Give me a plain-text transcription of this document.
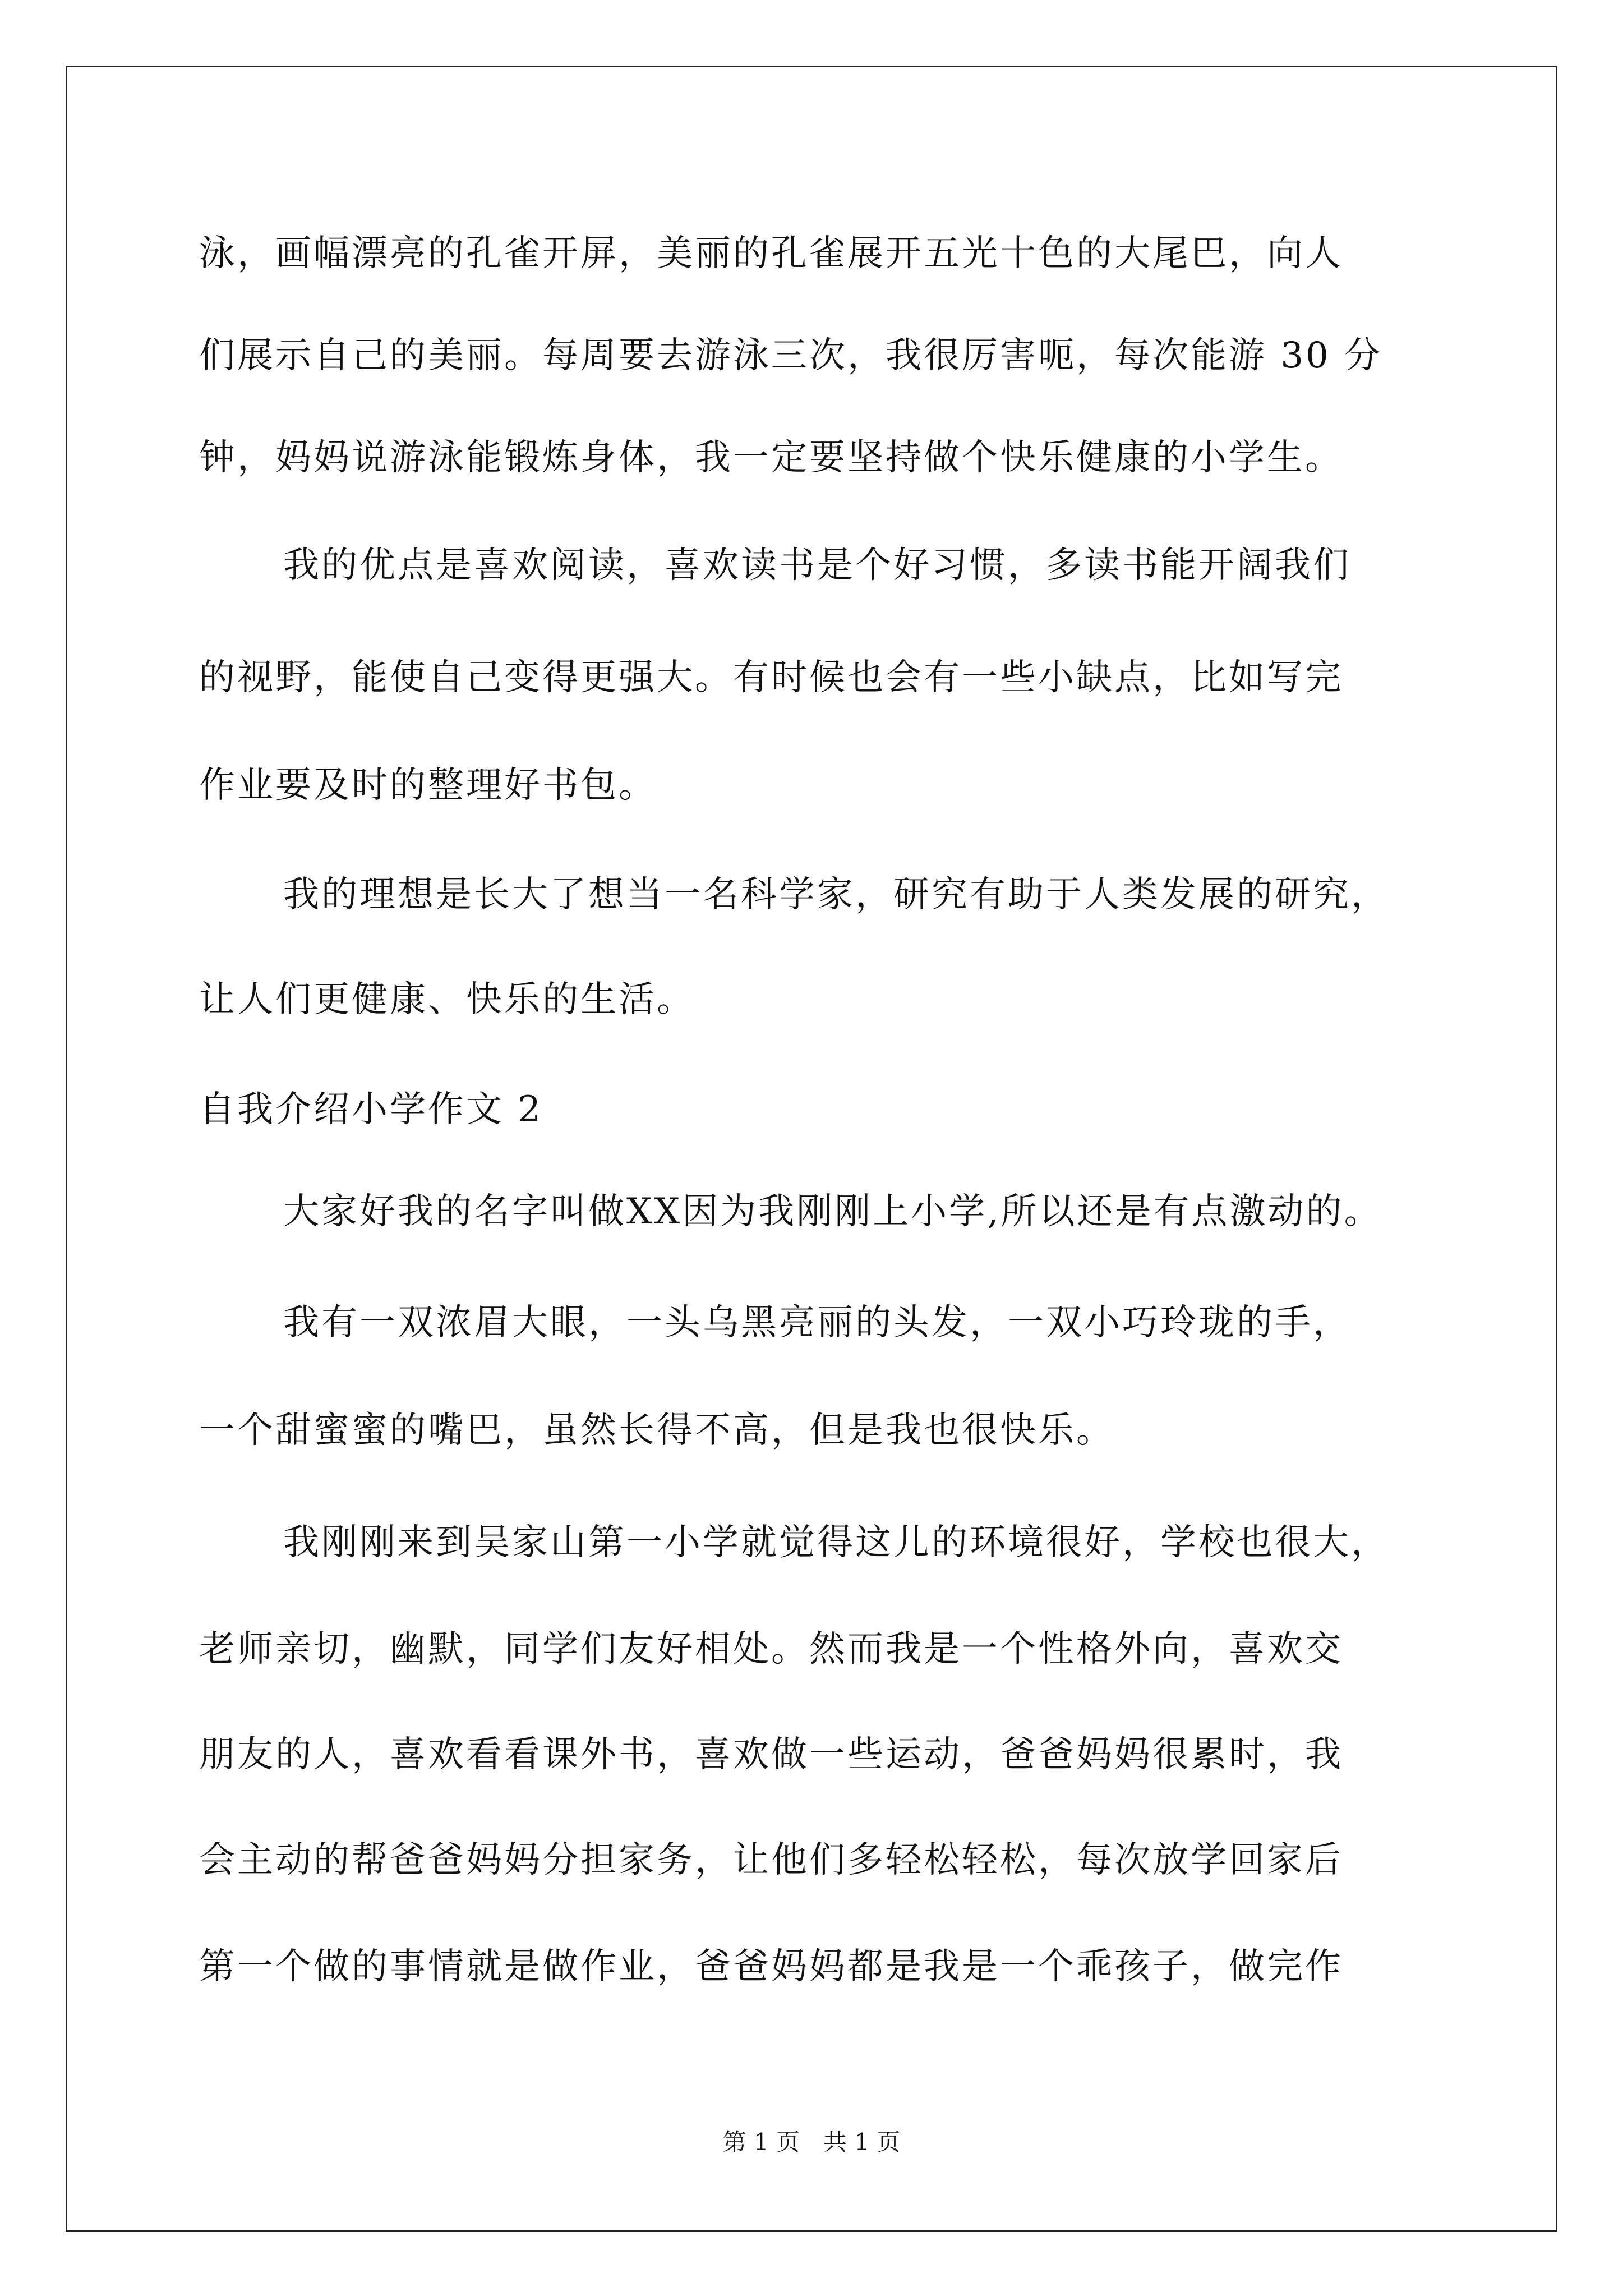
泳，画幅漂亮的孔雀开屏，美丽的孔雀展开五光十色的大尾巴，向人
们展示自己的美丽。每周要去游泳三次，我很厉害呃，每次能游 30 分
钟，妈妈说游泳能锻炼身体，我一定要坚持做个快乐健康的小学生。
我的优点是喜欢阅读，喜欢读书是个好习惯，多读书能开阔我们
的视野，能使自己变得更强大。有时候也会有一些小缺点，比如写完
作业要及时的整理好书包。
我的理想是长大了想当一名科学家，研究有助于人类发展的研究，
让人们更健康、快乐的生活。
自我介绍小学作文 2
大家好我的名字叫做XX因为我刚刚上小学,所以还是有点激动的。
我有一双浓眉大眼，一头乌黑亮丽的头发，一双小巧玲珑的手，
一个甜蜜蜜的嘴巴，虽然长得不高，但是我也很快乐。
我刚刚来到吴家山第一小学就觉得这儿的环境很好，学校也很大，
老师亲切，幽默，同学们友好相处。然而我是一个性格外向，喜欢交
朋友的人，喜欢看看课外书，喜欢做一些运动，爸爸妈妈很累时，我
会主动的帮爸爸妈妈分担家务，让他们多轻松轻松，每次放学回家后
第一个做的事情就是做作业，爸爸妈妈都是我是一个乖孩子，做完作
第 1 页　共 1 页
